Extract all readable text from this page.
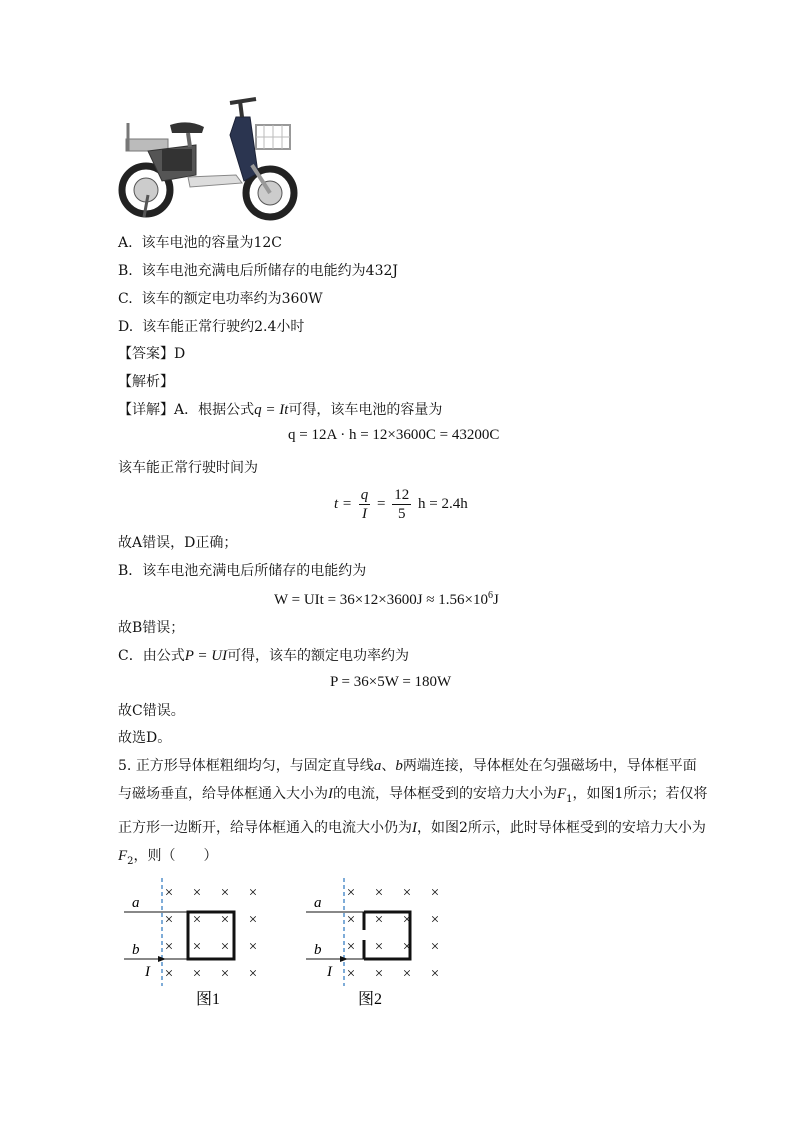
A. 该车电池的容量为12C
B. 该车电池充满电后所储存的电能约为432J
C. 该车的额定电功率约为360W
D. 该车能正常行驶约2.4小时
【答案】D
【解析】
【详解】A．根据公式q = It可得，该车电池的容量为
q = 12A · h = 12×3600C = 43200C
该车能正常行驶时间为
$t = \frac{q}{I} = \frac{12}{5}$ h = 2.4h
故A错误，D正确；
B．该车电池充满电后所储存的电能约为
W = UIt = $36\times 12\times 3600J \approx 1.56\times 10^6J$
故B错误；
C．由公式P = UI可得，该车的额定电功率约为
P = 36×5W = 180W
故C错误。
故选D。
5. 正方形导体框粗细均匀，与固定直导线a、b两端连接，导体框处在匀强磁场中，导体框平面与磁场垂直，给导体框通入大小为I的电流，导体框受到的安培力大小为$F_1$，如图1所示；若仅将正方形一边断开，给导体框通入的电流大小仍为I，如图2所示，此时导体框受到的安培力大小为$F_2$，则（　　）
× × × ×
× × × ×
× × × ×
× × × ×
a
b
I
图1
× × × ×
× × × ×
× × × ×
× × × ×
a
b
I
图2
